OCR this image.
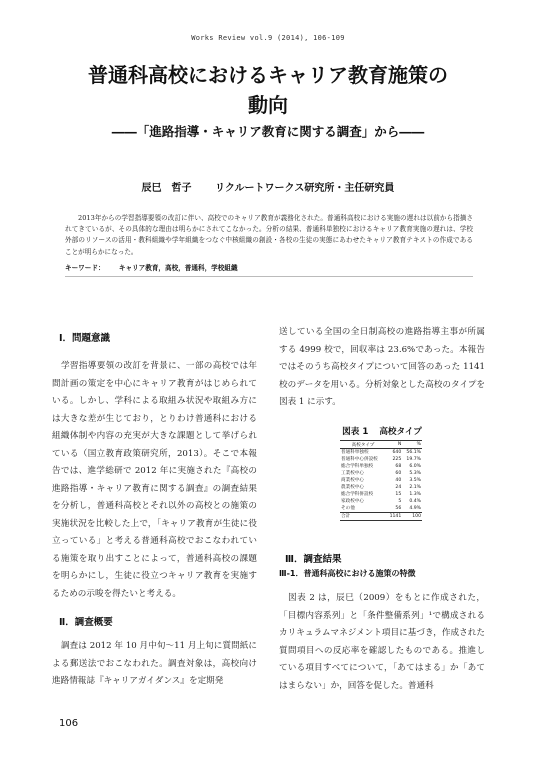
Works Review vol.9 (2014), 106-109
普通科高校におけるキャリア教育施策の
動向
――「進路指導・キャリア教育に関する調査」から――
辰巳　哲子 リクルートワークス研究所・主任研究員

2013年からの学習指導要領の改訂に伴い、高校でのキャリア教育が義務化された。普通科高校における実施の遅れは以前から指摘されてきているが、その具体的な理由は明らかにされてこなかった。分析の結果、普通科単独校におけるキャリア教育実施の遅れは、学校外部のリソースの活用・教科組織や学年組織をつなぐ中核組織の創設・各校の生徒の実態にあわせたキャリア教育テキストの作成であることが明らかになった。

キーワード： キャリア教育，高校，普通科，学校組織
Ⅰ．問題意識

学習指導要領の改訂を背景に、一部の高校では年間計画の策定を中心にキャリア教育がはじめられている。しかし、学科による取組み状況や取組み方には大きな差が生じており，とりわけ普通科における組織体制や内容の充実が大きな課題として挙げられている（国立教育政策研究所，2013）。そこで本報告では、進学総研で 2012 年に実施された『高校の進路指導・キャリア教育に関する調査』の調査結果を分析し，普通科高校とそれ以外の高校との施策の実施状況を比較した上で，「キャリア教育が生徒に役立っている」と考える普通科高校でおこなわれている施策を取り出すことによって，普通科高校の課題を明らかにし，生徒に役立つキャリア教育を実施するための示唆を得たいと考える。

Ⅱ．調査概要

調査は 2012 年 10 月中旬～11 月上旬に質問紙による郵送法でおこなわれた。調査対象は，高校向け進路情報誌『キャリアガイダンス』を定期発

送している全国の全日制高校の進路指導主事が所属する 4999 校で，回収率は 23.6%であった。本報告ではそのうち高校タイプについて回答のあった 1141 校のデータを用いる。分析対象とした高校のタイプを図表 1 に示す。

図表 1 高校タイプ
高校タイプ	N	%
普通科単独校	640	56.1%
普通科中心併設校	225	19.7%
総合学科単独校	68	6.0%
工業校中心	60	5.3%
商業校中心	40	3.5%
農業校中心	24	2.1%
総合学科併設校	15	1.3%
家政校中心	5	0.4%
その他	56	4.9%
合計	1141	100
Ⅲ．調査結果
Ⅲ-1．普通科高校における施策の特徴

図表 2 は，辰巳（2009）をもとに作成された，「目標内容系列」と「条件整備系列」¹で構成されるカリキュラムマネジメント項目に基づき，作成された質問項目への反応率を確認したものである。推進している項目すべてについて，「あてはまる」か「あてはまらない」か，回答を促した。普通科

106
